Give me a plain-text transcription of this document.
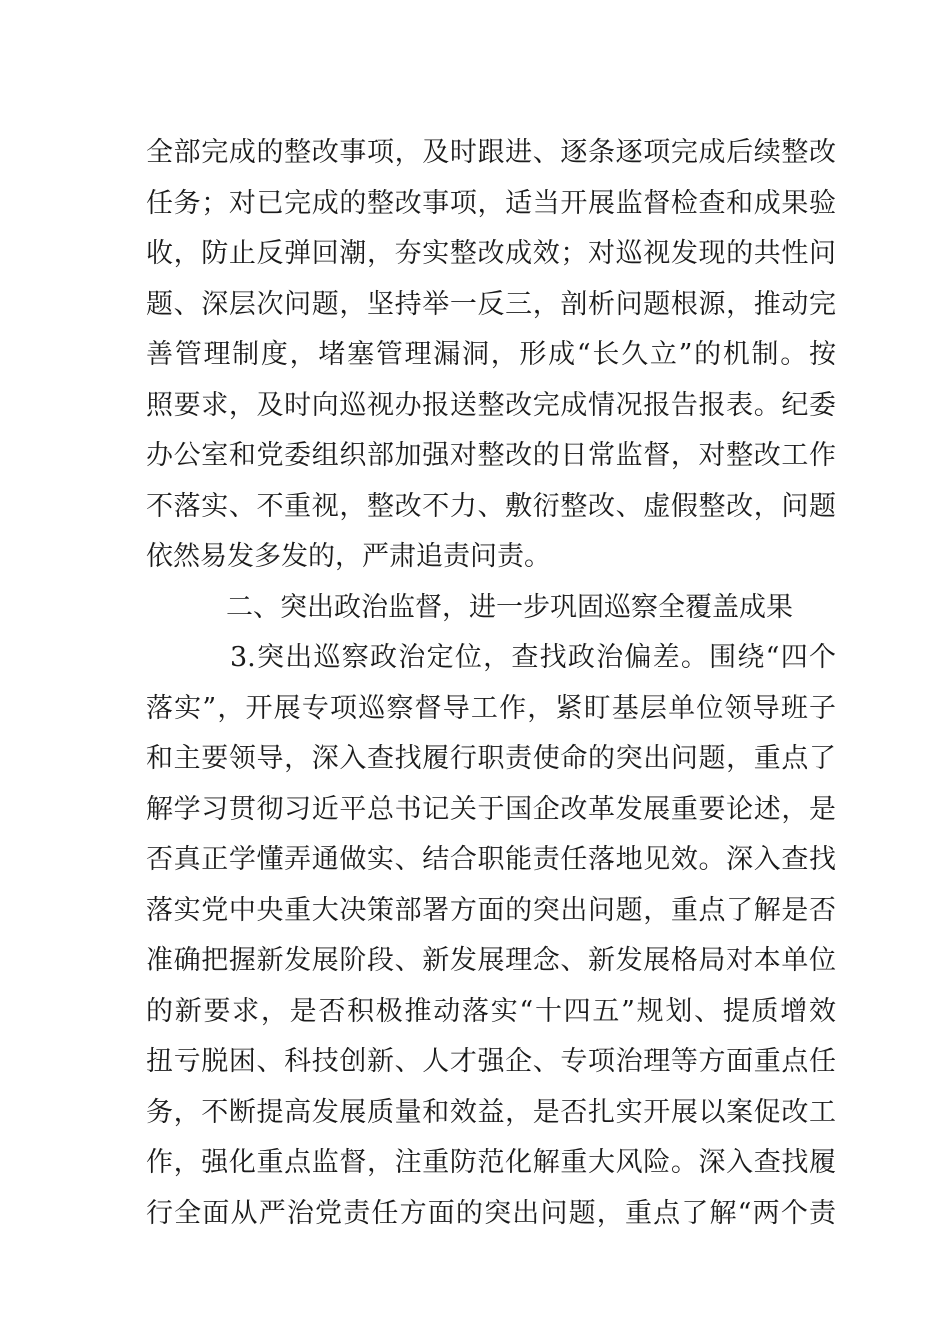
全部完成的整改事项，及时跟进、逐条逐项完成后续整改
任务；对已完成的整改事项，适当开展监督检查和成果验
收，防止反弹回潮，夯实整改成效；对巡视发现的共性问
题、深层次问题，坚持举一反三，剖析问题根源，推动完
善管理制度，堵塞管理漏洞，形成“长久立”的机制。按
照要求，及时向巡视办报送整改完成情况报告报表。纪委
办公室和党委组织部加强对整改的日常监督，对整改工作
不落实、不重视，整改不力、敷衍整改、虚假整改，问题
依然易发多发的，严肃追责问责。
二、突出政治监督，进一步巩固巡察全覆盖成果
3.突出巡察政治定位，查找政治偏差。围绕“四个
落实”，开展专项巡察督导工作，紧盯基层单位领导班子
和主要领导，深入查找履行职责使命的突出问题，重点了
解学习贯彻习近平总书记关于国企改革发展重要论述，是
否真正学懂弄通做实、结合职能责任落地见效。深入查找
落实党中央重大决策部署方面的突出问题，重点了解是否
准确把握新发展阶段、新发展理念、新发展格局对本单位
的新要求，是否积极推动落实“十四五”规划、提质增效
扭亏脱困、科技创新、人才强企、专项治理等方面重点任
务，不断提高发展质量和效益，是否扎实开展以案促改工
作，强化重点监督，注重防范化解重大风险。深入查找履
行全面从严治党责任方面的突出问题，重点了解“两个责
